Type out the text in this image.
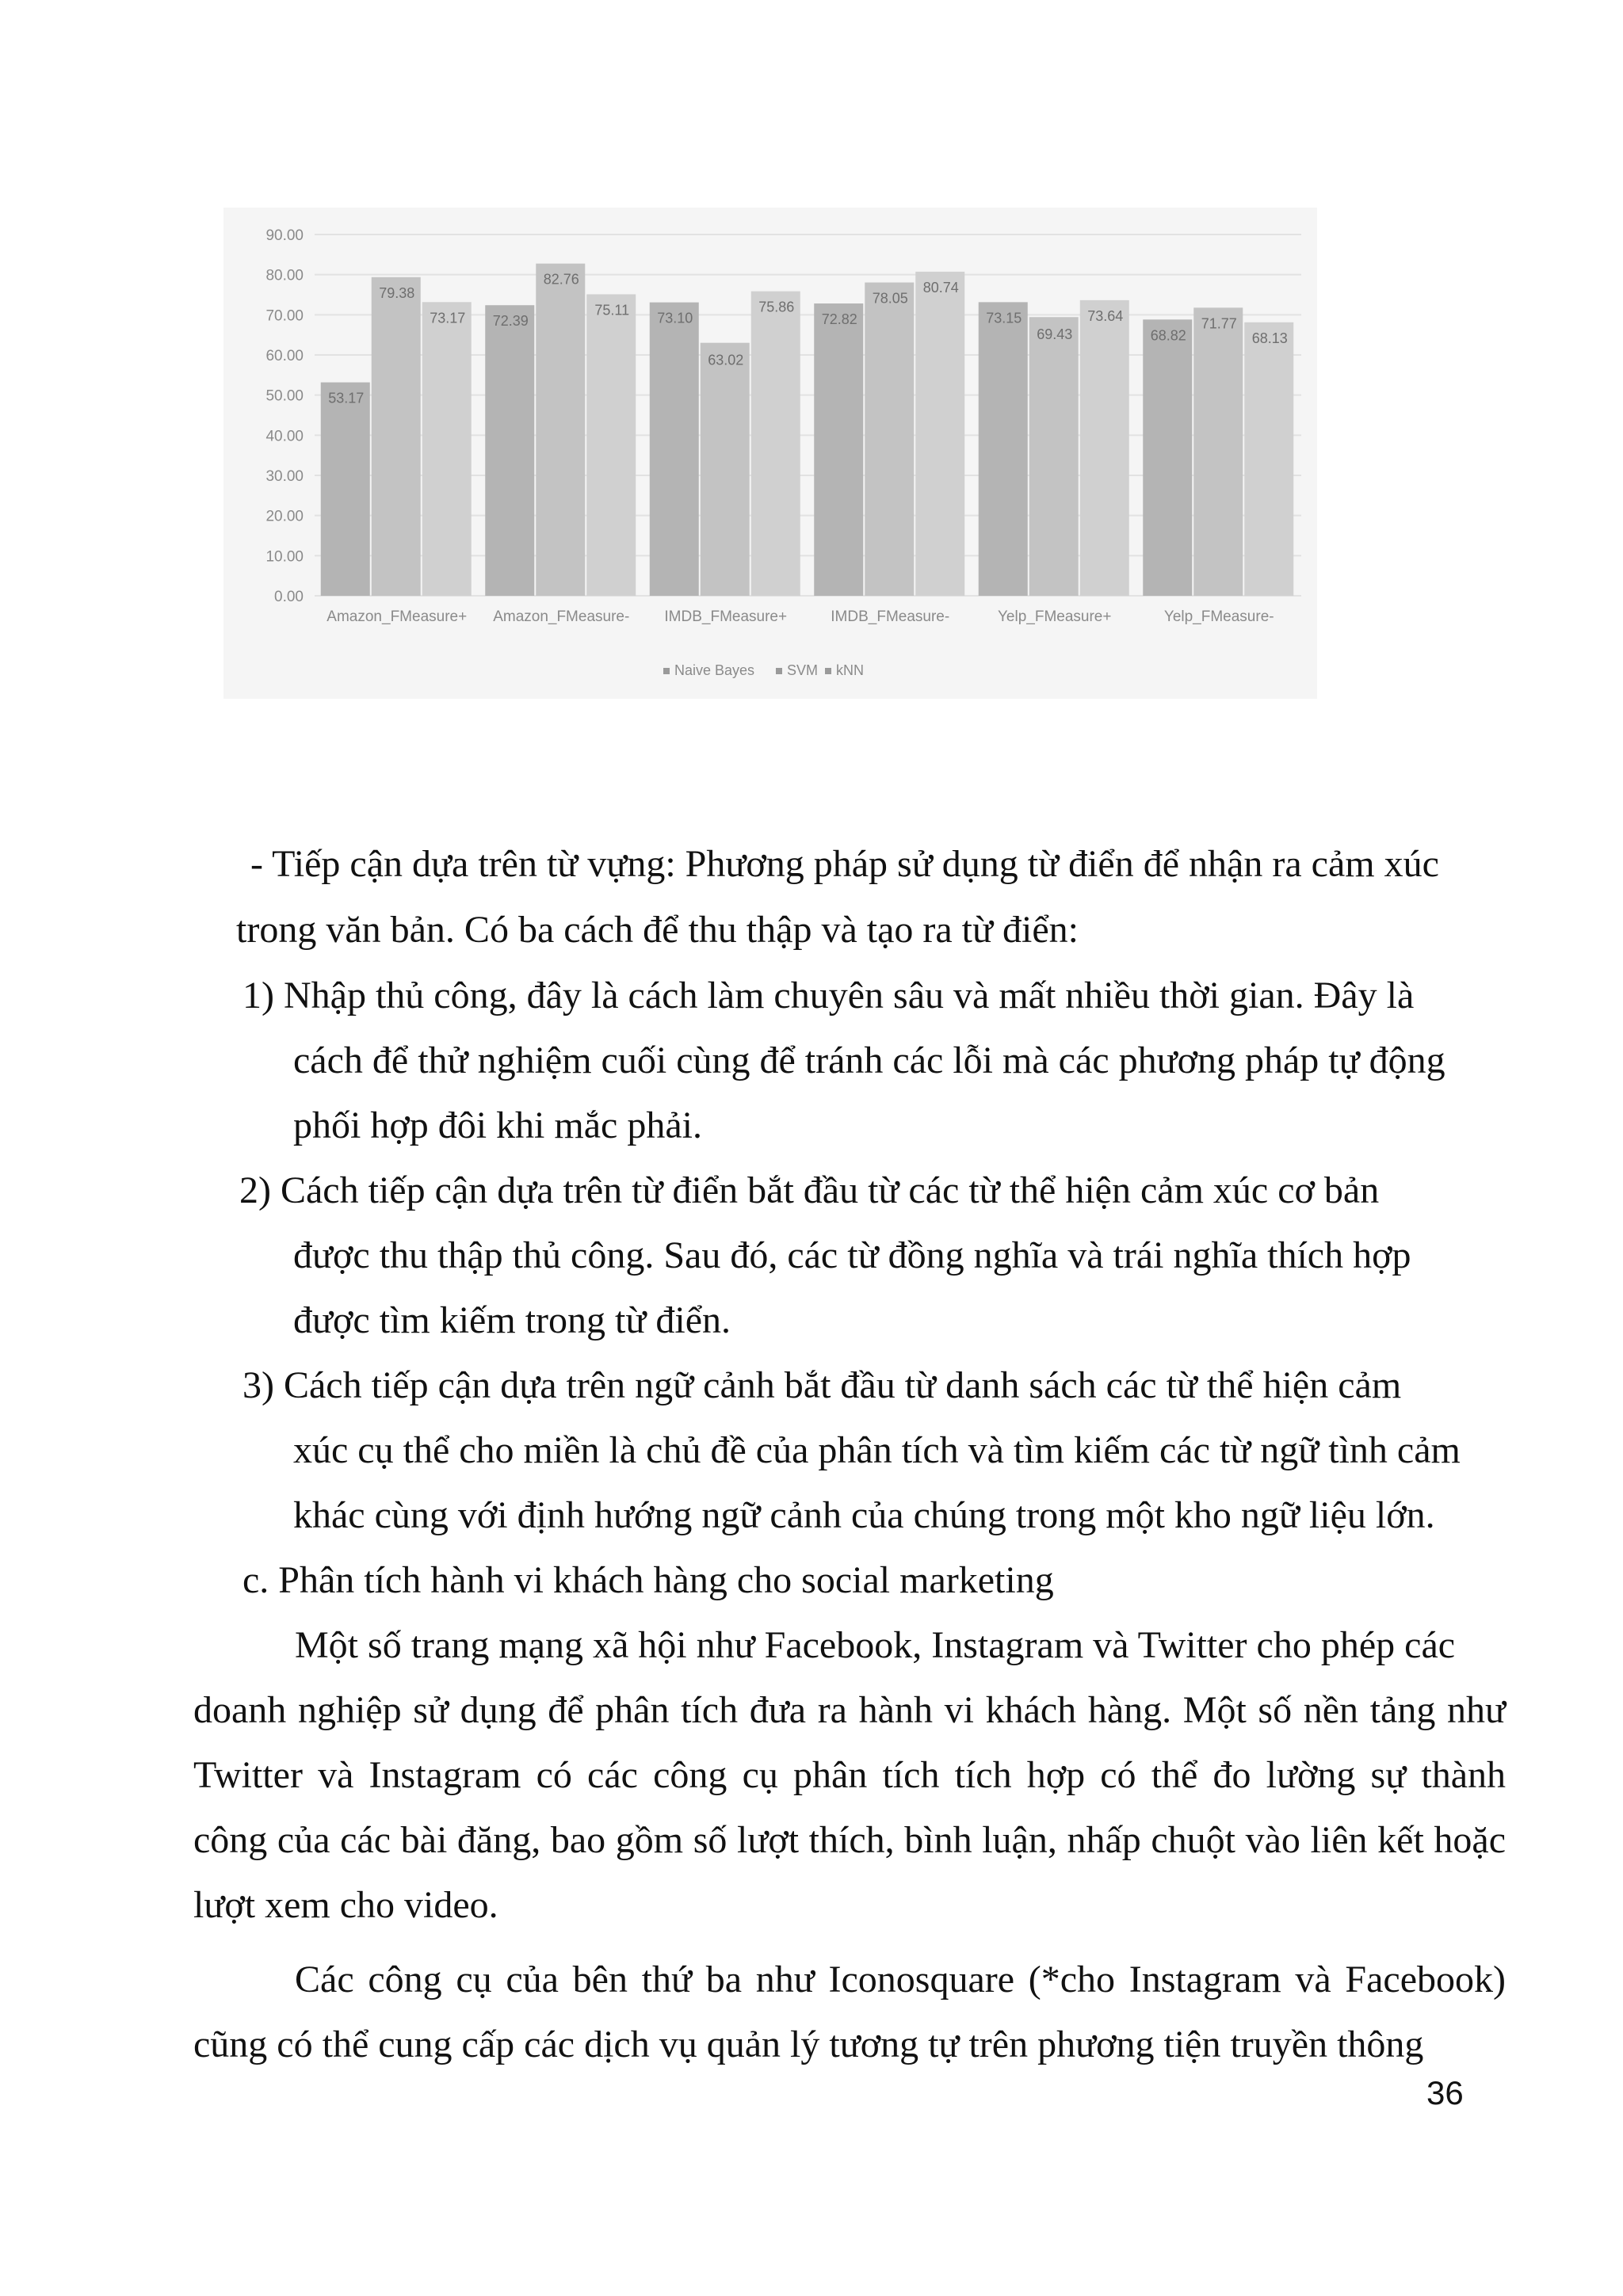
0.00
10.00
20.00
30.00
40.00
50.00
60.00
70.00
80.00
90.00
53.17
79.38
73.17
Amazon_FMeasure+
72.39
82.76
75.11
Amazon_FMeasure-
73.10
63.02
75.86
IMDB_FMeasure+
72.82
78.05
80.74
IMDB_FMeasure-
73.15
69.43
73.64
Yelp_FMeasure+
68.82
71.77
68.13
Yelp_FMeasure-
Naive Bayes SVM kNN
- Tiếp cận dựa trên từ vựng: Phương pháp sử dụng từ điển để nhận ra cảm xúc
trong văn bản. Có ba cách để thu thập và tạo ra từ điển:
1) Nhập thủ công, đây là cách làm chuyên sâu và mất nhiều thời gian. Đây là
cách để thử nghiệm cuối cùng để tránh các lỗi mà các phương pháp tự động
phối hợp đôi khi mắc phải.
2) Cách tiếp cận dựa trên từ điển bắt đầu từ các từ thể hiện cảm xúc cơ bản
được thu thập thủ công. Sau đó, các từ đồng nghĩa và trái nghĩa thích hợp
được tìm kiếm trong từ điển.
3) Cách tiếp cận dựa trên ngữ cảnh bắt đầu từ danh sách các từ thể hiện cảm
xúc cụ thể cho miền là chủ đề của phân tích và tìm kiếm các từ ngữ tình cảm
khác cùng với định hướng ngữ cảnh của chúng trong một kho ngữ liệu lớn.
c. Phân tích hành vi khách hàng cho social marketing
Một số trang mạng xã hội như Facebook, Instagram và Twitter cho phép các
doanh nghiệp sử dụng để phân tích đưa ra hành vi khách hàng. Một số nền tảng như
Twitter và Instagram có các công cụ phân tích tích hợp có thể đo lường sự thành
công của các bài đăng, bao gồm số lượt thích, bình luận, nhấp chuột vào liên kết hoặc
lượt xem cho video.
Các công cụ của bên thứ ba như Iconosquare (*cho Instagram và Facebook)
cũng có thể cung cấp các dịch vụ quản lý tương tự trên phương tiện truyền thông
36
